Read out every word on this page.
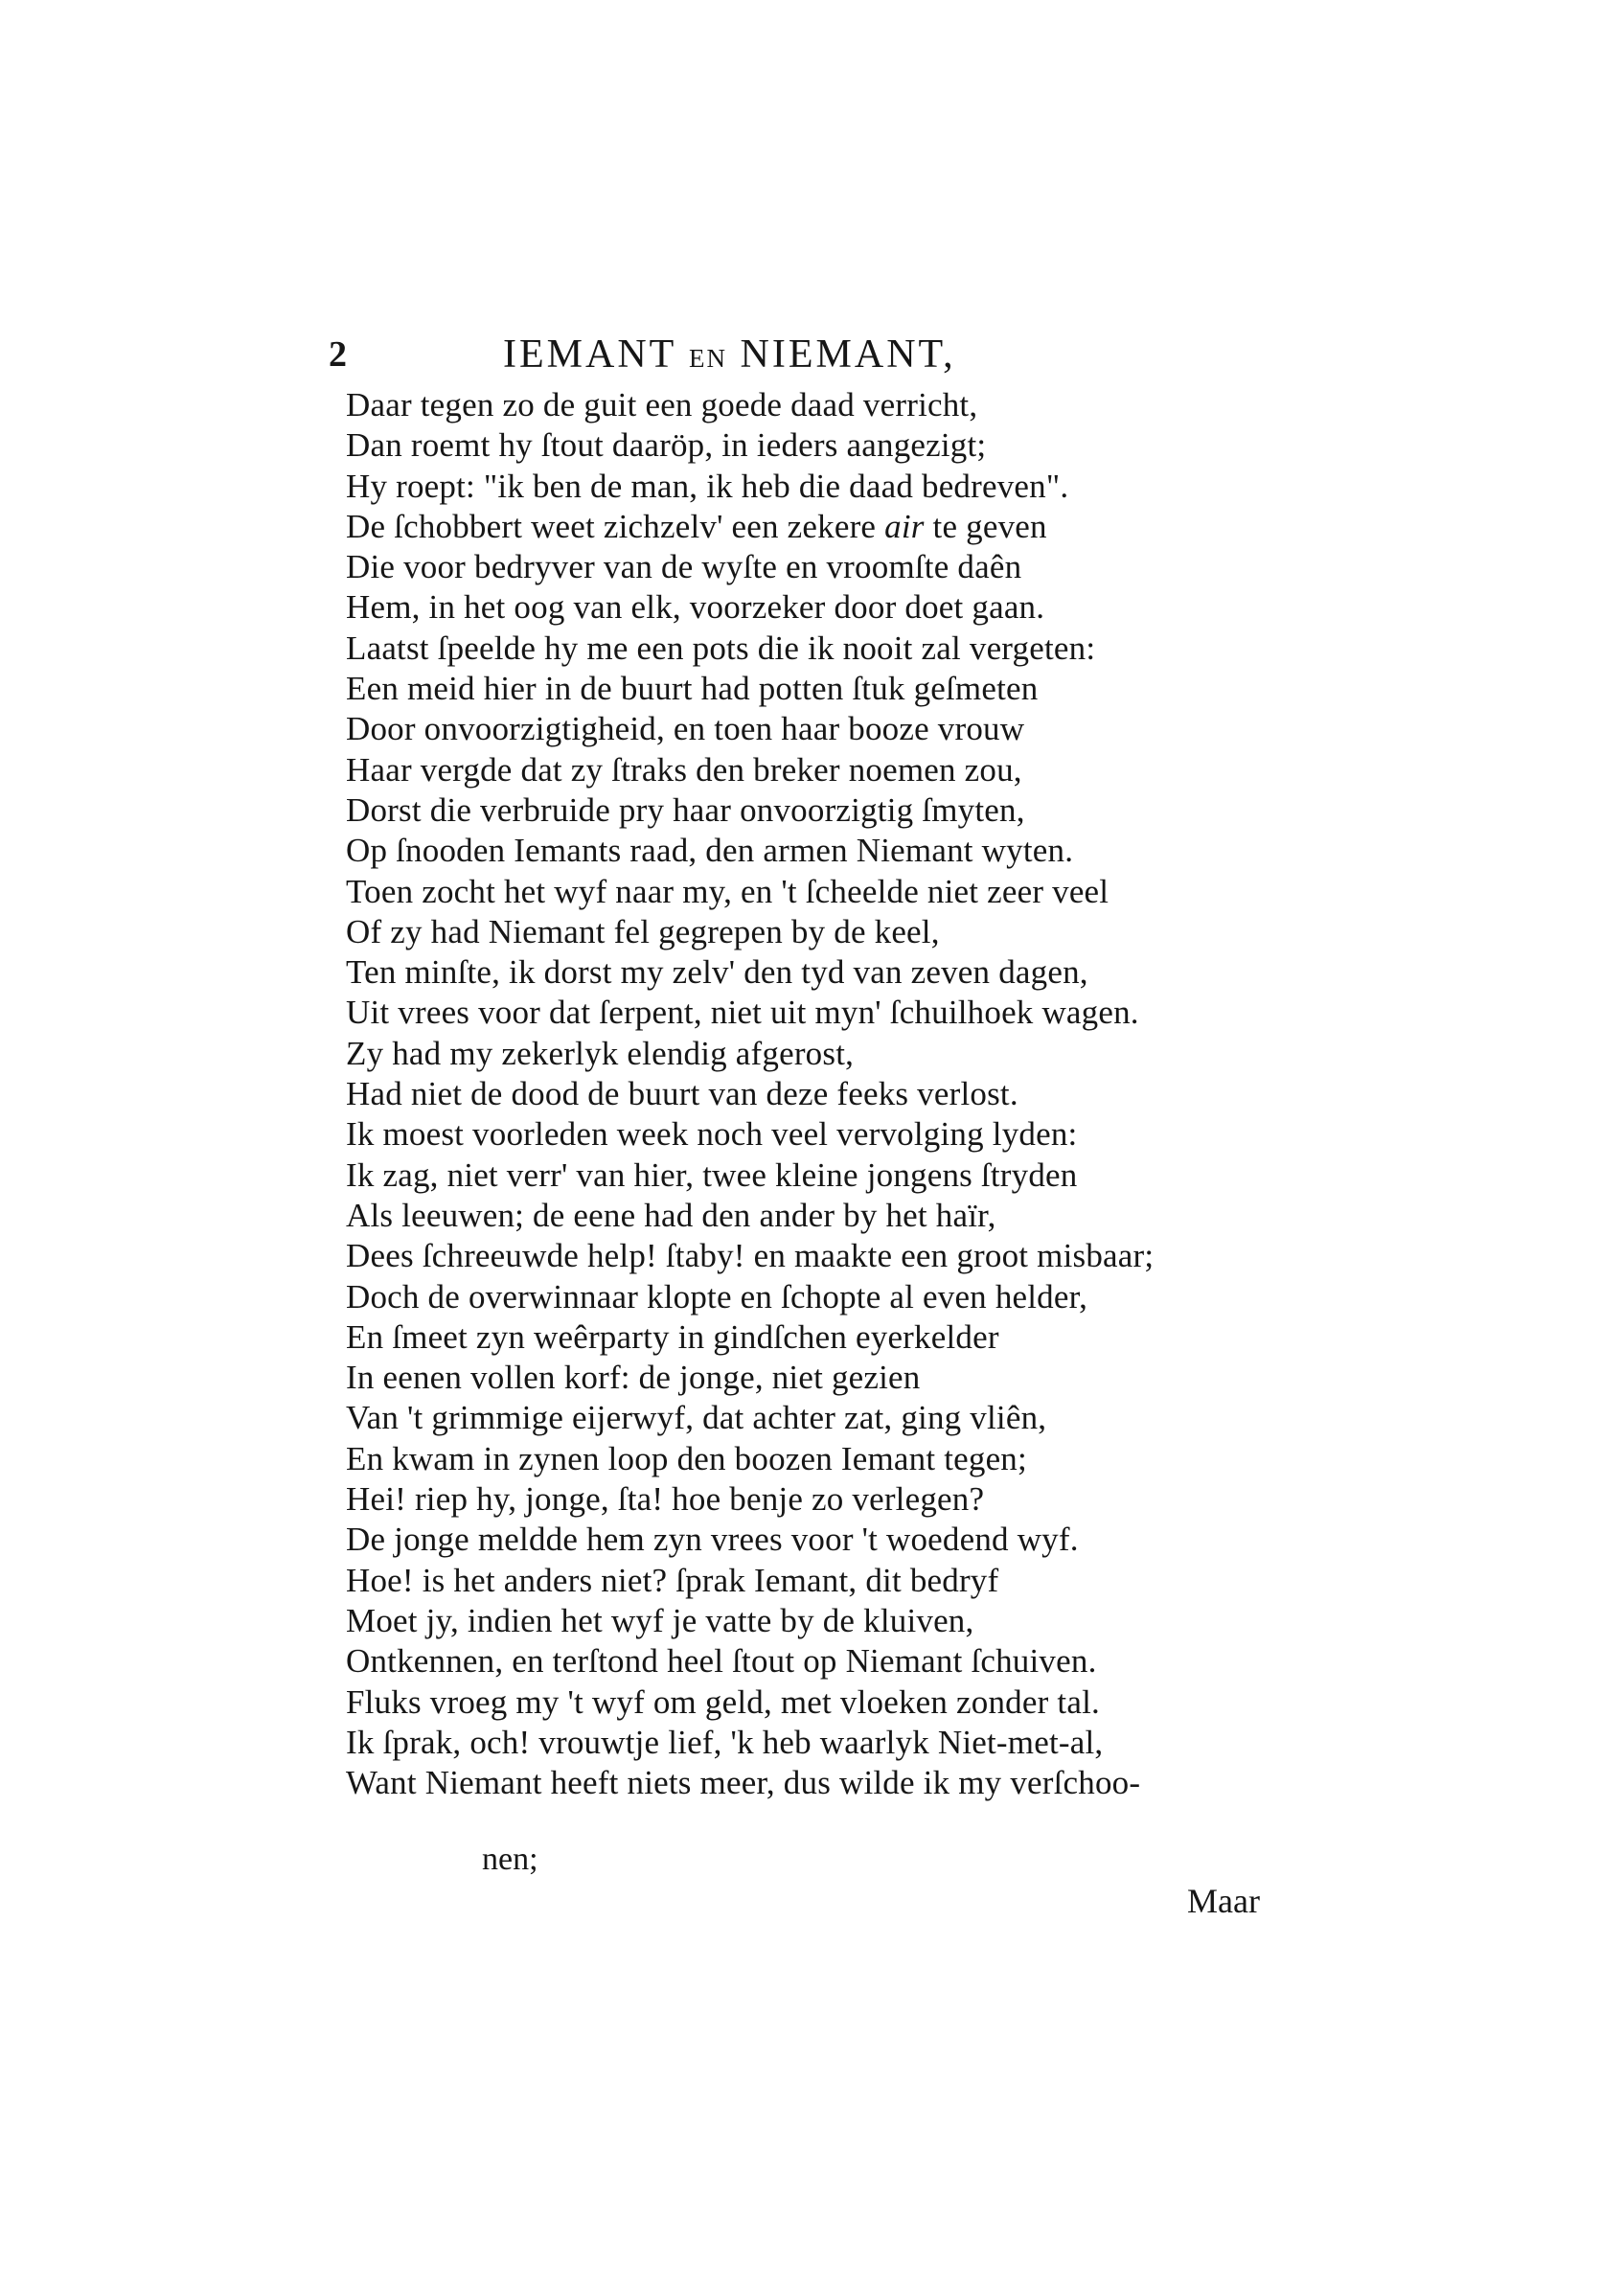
2	IEMANT EN NIEMANT,
Daar tegen zo de guit een goede daad verricht,
Dan roemt hy ſtout daaröp, in ieders aangezigt;
Hy roept: "ik ben de man, ik heb die daad bedreven".
De ſchobbert weet zichzelv' een zekere air te geven
Die voor bedryver van de wyſte en vroomſte daên
Hem, in het oog van elk, voorzeker door doet gaan.
Laatst ſpeelde hy me een pots die ik nooit zal vergeten:
Een meid hier in de buurt had potten ſtuk geſmeten
Door onvoorzigtigheid, en toen haar booze vrouw
Haar vergde dat zy ſtraks den breker noemen zou,
Dorst die verbruide pry haar onvoorzigtig ſmyten,
Op ſnooden Iemants raad, den armen Niemant wyten.
Toen zocht het wyf naar my, en 't ſcheelde niet zeer veel
Of zy had Niemant fel gegrepen by de keel,
Ten minſte, ik dorst my zelv' den tyd van zeven dagen,
Uit vrees voor dat ſerpent, niet uit myn' ſchuilhoek wagen.
Zy had my zekerlyk elendig afgerost,
Had niet de dood de buurt van deze feeks verlost.
Ik moest voorleden week noch veel vervolging lyden:
Ik zag, niet verr' van hier, twee kleine jongens ſtryden
Als leeuwen; de eene had den ander by het haïr,
Dees ſchreeuwde help! ſtaby! en maakte een groot misbaar;
Doch de overwinnaar klopte en ſchopte al even helder,
En ſmeet zyn weêrparty in gindſchen eyerkelder
In eenen vollen korf: de jonge, niet gezien
Van 't grimmige eijerwyf, dat achter zat, ging vliên,
En kwam in zynen loop den boozen Iemant tegen;
Hei! riep hy, jonge, ſta! hoe benje zo verlegen?
De jonge meldde hem zyn vrees voor 't woedend wyf.
Hoe! is het anders niet? ſprak Iemant, dit bedryf
Moet jy, indien het wyf je vatte by de kluiven,
Ontkennen, en terſtond heel ſtout op Niemant ſchuiven.
Fluks vroeg my 't wyf om geld, met vloeken zonder tal.
Ik ſprak, och! vrouwtje lief, 'k heb waarlyk Niet-met-al,
Want Niemant heeft niets meer, dus wilde ik my verſchoo-
nen;
Maar
